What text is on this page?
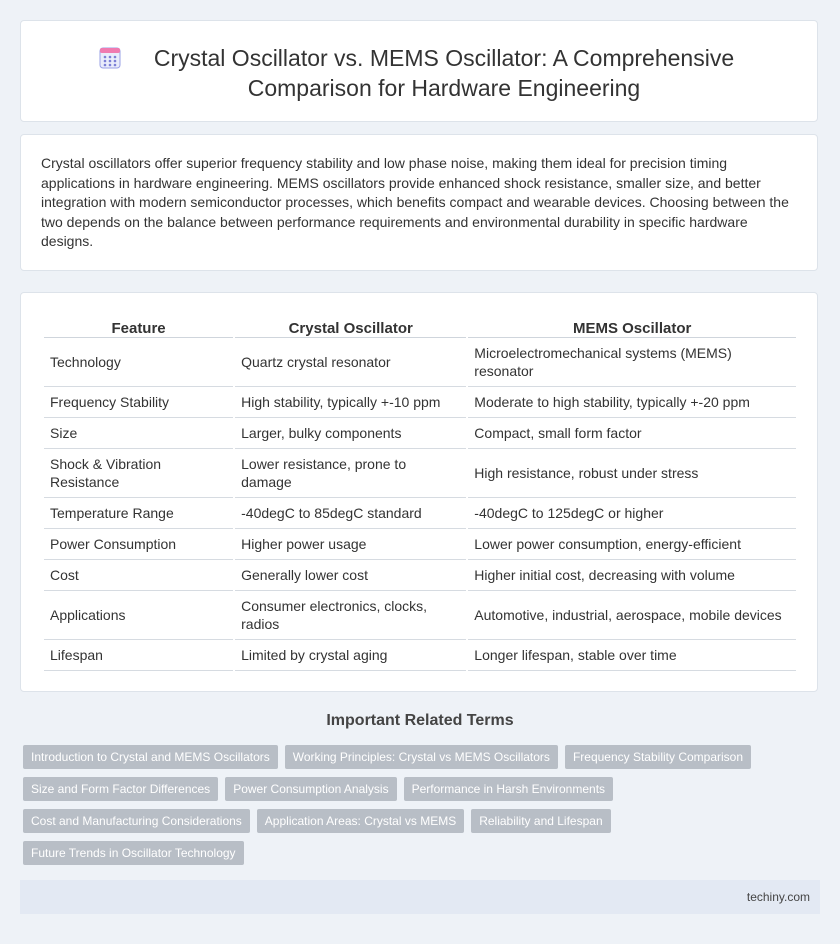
Crystal Oscillator vs. MEMS Oscillator: A Comprehensive Comparison for Hardware Engineering

Crystal oscillators offer superior frequency stability and low phase noise, making them ideal for precision timing applications in hardware engineering. MEMS oscillators provide enhanced shock resistance, smaller size, and better integration with modern semiconductor processes, which benefits compact and wearable devices. Choosing between the two depends on the balance between performance requirements and environmental durability in specific hardware designs.

Feature	Crystal Oscillator	MEMS Oscillator
Technology	Quartz crystal resonator	Microelectromechanical systems (MEMS) resonator
Frequency Stability	High stability, typically +-10 ppm	Moderate to high stability, typically +-20 ppm
Size	Larger, bulky components	Compact, small form factor
Shock & Vibration Resistance	Lower resistance, prone to damage	High resistance, robust under stress
Temperature Range	-40degC to 85degC standard	-40degC to 125degC or higher
Power Consumption	Higher power usage	Lower power consumption, energy-efficient
Cost	Generally lower cost	Higher initial cost, decreasing with volume
Applications	Consumer electronics, clocks, radios	Automotive, industrial, aerospace, mobile devices
Lifespan	Limited by crystal aging	Longer lifespan, stable over time
Important Related Terms
Introduction to Crystal and MEMS Oscillators	Working Principles: Crystal vs MEMS Oscillators	Frequency Stability Comparison
Size and Form Factor Differences	Power Consumption Analysis	Performance in Harsh Environments
Cost and Manufacturing Considerations	Application Areas: Crystal vs MEMS	Reliability and Lifespan
Future Trends in Oscillator Technology
techiny.com
